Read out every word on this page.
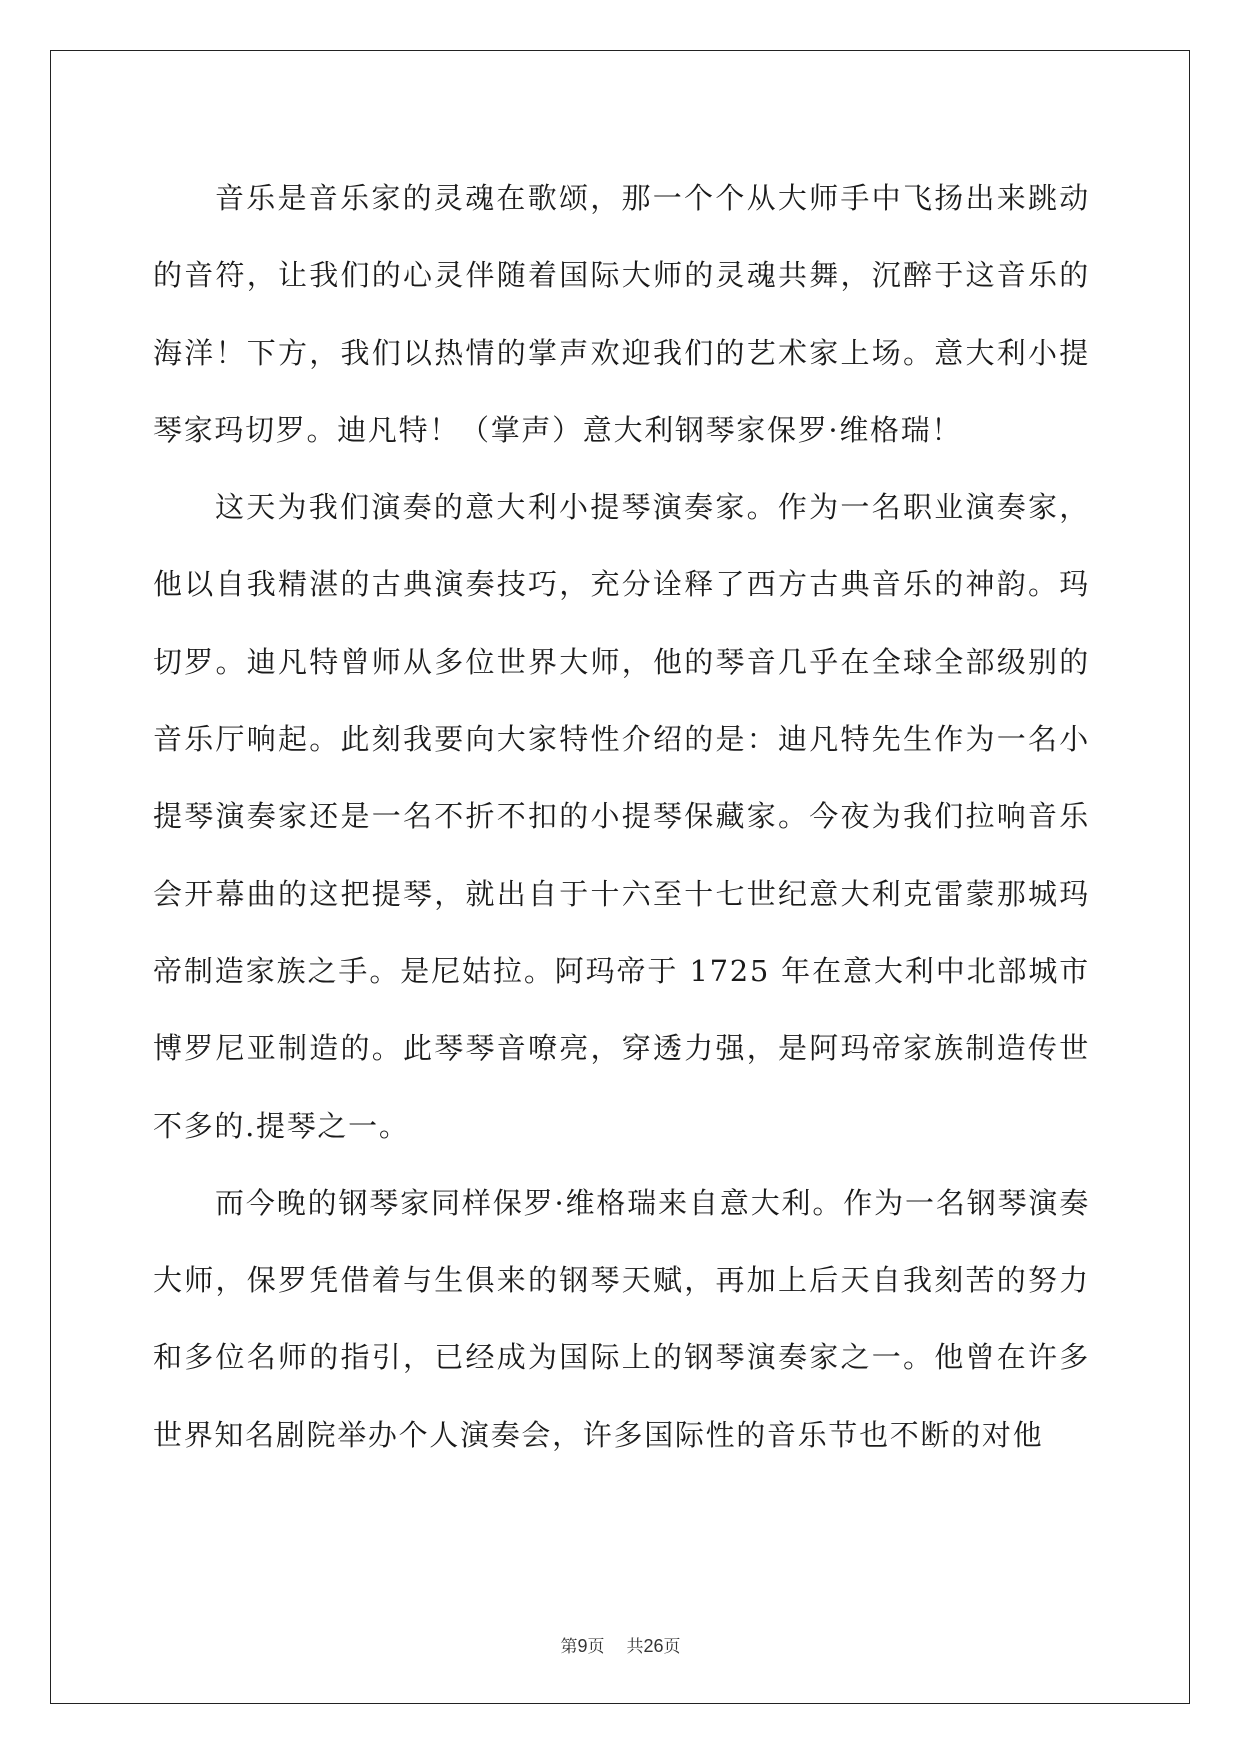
音乐是音乐家的灵魂在歌颂，那一个个从大师手中飞扬出来跳动的音符，让我们的心灵伴随着国际大师的灵魂共舞，沉醉于这音乐的海洋！下方，我们以热情的掌声欢迎我们的艺术家上场。意大利小提琴家玛切罗。迪凡特！（掌声）意大利钢琴家保罗·维格瑞！

这天为我们演奏的意大利小提琴演奏家。作为一名职业演奏家，他以自我精湛的古典演奏技巧，充分诠释了西方古典音乐的神韵。玛切罗。迪凡特曾师从多位世界大师，他的琴音几乎在全球全部级别的音乐厅响起。此刻我要向大家特性介绍的是：迪凡特先生作为一名小提琴演奏家还是一名不折不扣的小提琴保藏家。今夜为我们拉响音乐会开幕曲的这把提琴，就出自于十六至十七世纪意大利克雷蒙那城玛帝制造家族之手。是尼姑拉。阿玛帝于 1725 年在意大利中北部城市博罗尼亚制造的。此琴琴音嘹亮，穿透力强，是阿玛帝家族制造传世不多的.提琴之一。

而今晚的钢琴家同样保罗·维格瑞来自意大利。作为一名钢琴演奏大师，保罗凭借着与生俱来的钢琴天赋，再加上后天自我刻苦的努力和多位名师的指引，已经成为国际上的钢琴演奏家之一。他曾在许多世界知名剧院举办个人演奏会，许多国际性的音乐节也不断的对他

第9页 共26页
